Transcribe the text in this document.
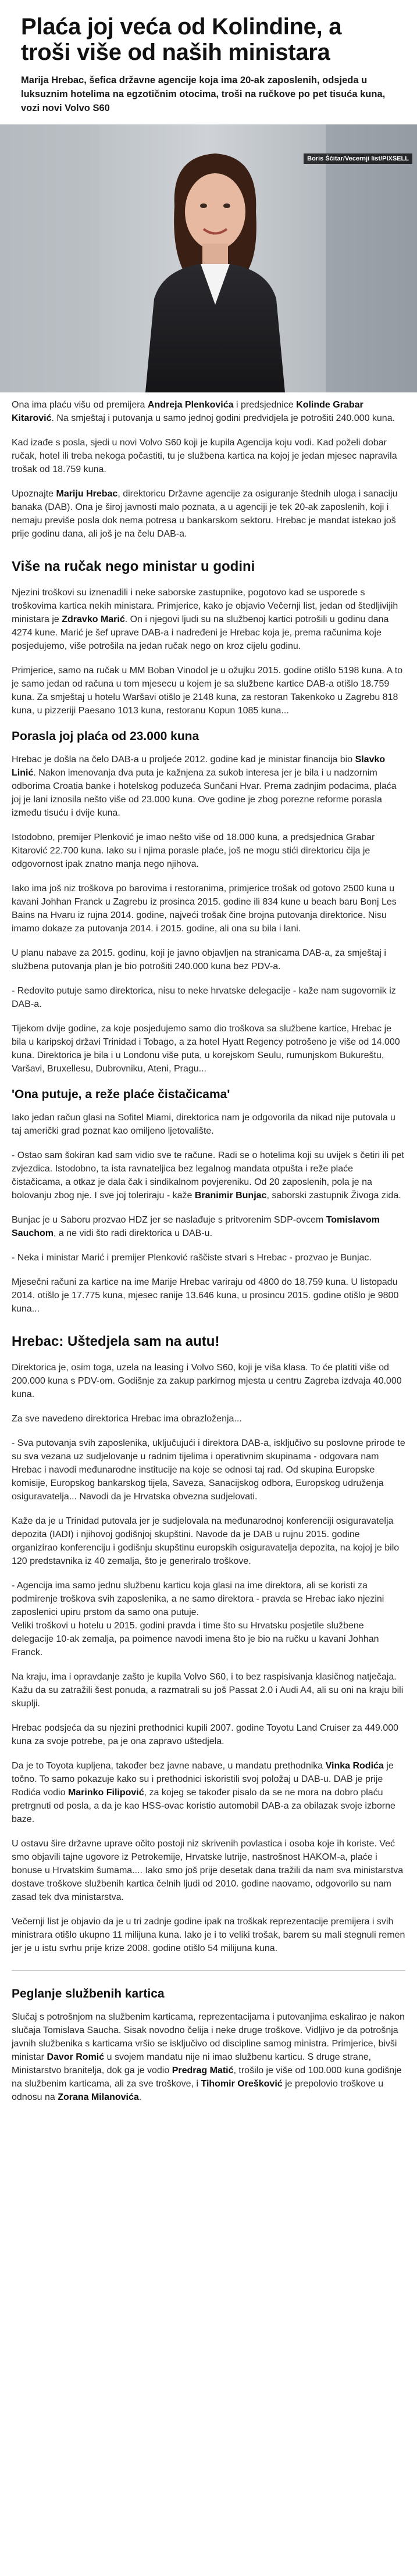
Plaća joj veća od Kolindine, a troši više od naših ministara

Marija Hrebac, šefica državne agencije koja ima 20-ak zaposlenih, odsjeda u luksuznim hotelima na egzotičnim otocima, troši na ručkove po pet tisuća kuna, vozi novi Volvo S60

Boris Ščitar/Vecernji list/PIXSELL

Ona ima plaću višu od premijera Andreja Plenkovića i predsjednice Kolinde Grabar Kitarović. Na smještaj i putovanja u samo jednoj godini predvidjela je potrošiti 240.000 kuna.

Kad izađe s posla, sjedi u novi Volvo S60 koji je kupila Agencija koju vodi. Kad poželi dobar ručak, hotel ili treba nekoga počastiti, tu je službena kartica na kojoj je jedan mjesec napravila trošak od 18.759 kuna.

Upoznajte Mariju Hrebac, direktoricu Državne agencije za osiguranje štednih uloga i sanaciju banaka (DAB). Ona je široj javnosti malo poznata, a u agenciji je tek 20-ak zaposlenih, koji i nemaju previše posla dok nema potresa u bankarskom sektoru. Hrebac je mandat istekao još prije godinu dana, ali još je na čelu DAB-a.

Više na ručak nego ministar u godini

Njezini troškovi su iznenadili i neke saborske zastupnike, pogotovo kad se usporede s troškovima kartica nekih ministara. Primjerice, kako je objavio Večernji list, jedan od štedljivijih ministara je Zdravko Marić. On i njegovi ljudi su na službenoj kartici potrošili u godinu dana 4274 kune. Marić je šef upravе DAB-a i nadređeni je Hrebac koja je, prema računima koje posjedujemo, više potrošila na jedan ručak nego on kroz cijelu godinu.

Primjerice, samo na ručak u MM Boban Vinodol je u ožujku 2015. godine otišlo 5198 kuna. A to je samo jedan od računa u tom mjesecu u kojem je sa službene kartice DAB-a otišlo 18.759 kuna. Za smještaj u hotelu Waršavi otišlo je 2148 kuna, za restoran Takenkoko u Zagrebu 818 kuna, u pizzeriji Paesano 1013 kuna, restoranu Kopun 1085 kuna...

Porasla joj plaća od 23.000 kuna

Hrebac je došla na čelo DAB-a u proljeće 2012. godine kad je ministar financija bio Slavko Linić. Nakon imenovanja dva puta je kažnjena za sukob interesa jer je bila i u nadzornim odborima Croatia banke i hotelskog poduzeća Sunčani Hvar. Prema zadnjim podacima, plaća joj je lani iznosila nešto više od 23.000 kuna. Ove godine je zbog porezne reforme porasla između tisuću i dvije kuna.

Istodobno, premijer Plenković je imao nešto više od 18.000 kuna, a predsjednica Grabar Kitarović 22.700 kuna. Iako su i njima porasle plaće, još ne mogu stići direktoricu čija je odgovornost ipak znatno manja nego njihova.

Iako ima još niz troškova po barovima i restoranima, primjerice trošak od gotovo 2500 kuna u kavani Johhan Franck u Zagrebu iz prosinca 2015. godine ili 834 kune u beach baru Bonj Les Bains na Hvaru iz rujna 2014. godine, najveći trošak čine brojna putovanja direktorice. Nisu imamo dokaze za putovanja 2014. i 2015. godine, ali ona su bila i lani.

U planu nabave za 2015. godinu, koji je javno objavljen na stranicama DAB-a, za smještaj i službena putovanja plan je bio potrošiti 240.000 kuna bez PDV-a.

- Redovito putuje samo direktorica, nisu to neke hrvatske delegacije - kaže nam sugovornik iz DAB-a.

Tijekom dvije godine, za koje posjedujemo samo dio troškova sa službene kartice, Hrebac je bila u karipskoj državi Trinidad i Tobago, a za hotel Hyatt Regency potrošeno je više od 14.000 kuna. Direktorica je bila i u Londonu više puta, u korejskom Seulu, rumunjskom Bukureštu, Varšavi, Bruxellesu, Dubrovniku, Ateni, Pragu...

'Ona putuje, a reže plaće čistačicama'

Iako jedan račun glasi na Sofitel Miami, direktorica nam je odgovorila da nikad nije putovala u taj američki grad poznat kao omiljeno ljetovalište.

- Ostao sam šokiran kad sam vidio sve te račune. Radi se o hotelima koji su uvijek s četiri ili pet zvjezdica. Istodobno, ta ista ravnateljica bez legalnog mandata otpušta i reže plaće čistačicama, a otkaz je dala čak i sindikalnom povjereniku. Od 20 zaposlenih, pola je na bolovanju zbog nje. I sve joj toleriraju - kaže Branimir Bunjac, saborski zastupnik Živoga zida.

Bunjac je u Saboru prozvao HDZ jer se naslađuje s pritvorenim SDP-ovcem Tomislavom Sauchom, a ne vidi što radi direktorica u DAB-u.

- Neka i ministar Marić i premijer Plenković raščiste stvari s Hrebac - prozvao je Bunjac.

Mjesečni računi za kartice na ime Marije Hrebac variraju od 4800 do 18.759 kuna. U listopadu 2014. otišlo je 17.775 kuna, mjesec ranije 13.646 kuna, u prosincu 2015. godine otišlo je 9800 kuna...

Hrebac: Uštedjela sam na autu!

Direktorica je, osim toga, uzela na leasing i Volvo S60, koji je viša klasa. To će platiti više od 200.000 kuna s PDV-om. Godišnje za zakup parkirnog mjesta u centru Zagreba izdvaja 40.000 kuna.

Za sve navedeno direktorica Hrebac ima obrazloženja...

- Sva putovanja svih zaposlenika, uključujući i direktora DAB-a, isključivo su poslovne prirode te su sva vezana uz sudjelovanje u radnim tijelima i operativnim skupinama - odgovara nam Hrebac i navodi međunarodne institucije na koje se odnosi taj rad. Od skupina Europske komisije, Europskog bankarskog tijela, Saveza, Sanacijskog odbora, Europskog udruženja osiguravatelja... Navodi da je Hrvatska obvezna sudjelovati.

Kaže da je u Trinidad putovala jer je sudjelovala na međunarodnoj konferenciji osiguravatelja depozita (IADI) i njihovoj godišnjoj skupštini. Navode da je DAB u rujnu 2015. godine organizirao konferenciju i godišnju skupštinu europskih osiguravatelja depozita, na kojoj je bilo 120 predstavnika iz 40 zemalja, što je generiralo troškove.

- Agencija ima samo jednu službenu karticu koja glasi na ime direktora, ali se koristi za podmirenje troškova svih zaposlenika, a ne samo direktora - pravda se Hrebac iako njezini zaposlenici upiru prstom da samo ona putuje.
Veliki troškovi u hotelu u 2015. godini pravda i time što su Hrvatsku posjetile službene delegacije 10-ak zemalja, pa poimence navodi imena što je bio na ručku u kavani Johhan Franck.

Na kraju, ima i opravdanje zašto je kupila Volvo S60, i to bez raspisivanja klasičnog natječaja. Kažu da su zatražili šest ponuda, a razmatrali su još Passat 2.0 i Audi A4, ali su oni na kraju bili skuplji.

Hrebac podsjeća da su njezini prethodnici kupili 2007. godine Toyotu Land Cruiser za 449.000 kuna za svoje potrebe, pa je ona zapravo uštedjela.

Da je to Toyota kupljena, također bez javne nabave, u mandatu prethodnika Vinka Rodića je točno. To samo pokazuje kako su i prethodnici iskoristili svoj položaj u DAB-u. DAB je prije Rodića vodio Marinko Filipović, za kojeg se također pisalo da se ne mora na dobro plaću pretrgnuti od posla, a da je kao HSS-ovac koristio automobil DAB-a za obilazak svoje izborne baze.

U ostavu šire državne uprave očito postoji niz skrivenih povlastica i osoba koje ih koriste. Već smo objavili tajne ugovore iz Petrokemije, Hrvatske lutrije, nastrošnost HAKOM-a, plaće i bonuse u Hrvatskim šumama.... Iako smo još prije desetak dana tražili da nam sva ministarstva dostave troškove službenih kartica čelnih ljudi od 2010. godine naovamo, odgovorilo su nam zasad tek dva ministarstva.

Večernji list je objavio da je u tri zadnje godine ipak na troškak reprezentacije premijera i svih ministrara otišlo ukupno 11 milijuna kuna. Iako je i to veliki trošak, barem su mali stegnuli remen jer je u istu svrhu prije krize 2008. godine otišlo 54 milijuna kuna.

Peglanje službenih kartica

Slučaj s potrošnjom na službenim karticama, reprezentacijama i putovanjima eskalirao je nakon slučaja Tomislava Saucha. Sisak novodno čelija i neke druge troškove. Vidljivo je da potrošnja javnih službenika s karticama vršio se isključivo od discipline samog ministra. Primjerice, bivši ministar Davor Romić u svojem mandatu nije ni imao službenu karticu. S druge strane, Ministarstvo branitelja, dok ga je vodio Predrag Matić, trošilo je više od 100.000 kuna godišnje na službenim karticama, ali za sve troškove, i Tihomir Orešković je prepolovio troškove u odnosu na Zorana Milanovića.
